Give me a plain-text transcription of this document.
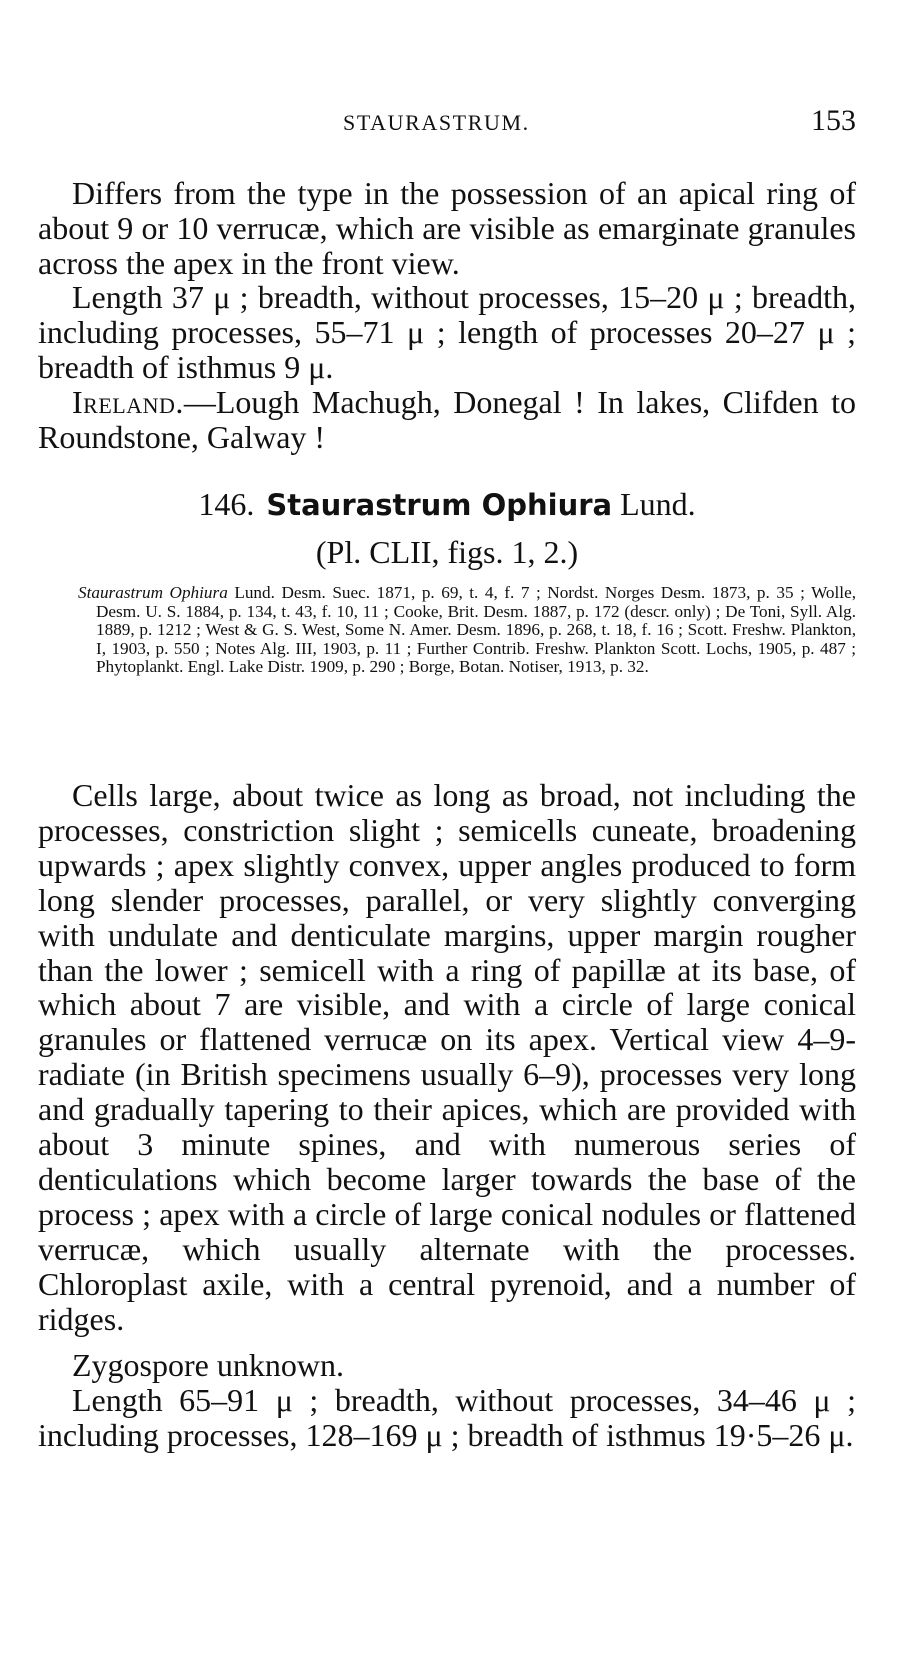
STAURASTRUM.	153

Differs from the type in the possession of an apical ring of about 9 or 10 verrucæ, which are visible as emarginate granules across the apex in the front view.

Length 37 μ ; breadth, without processes, 15–20 μ ; breadth, including processes, 55–71 μ ; length of processes 20–27 μ ; breadth of isthmus 9 μ.

Ireland.—Lough Machugh, Donegal ! In lakes, Clifden to Roundstone, Galway !

146. Staurastrum Ophiura Lund.

(Pl. CLII, figs. 1, 2.)

Staurastrum Ophiura Lund. Desm. Suec. 1871, p. 69, t. 4, f. 7 ; Nordst. Norges Desm. 1873, p. 35 ; Wolle, Desm. U. S. 1884, p. 134, t. 43, f. 10, 11 ; Cooke, Brit. Desm. 1887, p. 172 (descr. only) ; De Toni, Syll. Alg. 1889, p. 1212 ; West & G. S. West, Some N. Amer. Desm. 1896, p. 268, t. 18, f. 16 ; Scott. Freshw. Plankton, I, 1903, p. 550 ; Notes Alg. III, 1903, p. 11 ; Further Contrib. Freshw. Plankton Scott. Lochs, 1905, p. 487 ; Phytoplankt. Engl. Lake Distr. 1909, p. 290 ; Borge, Botan. Notiser, 1913, p. 32.

Cells large, about twice as long as broad, not including the processes, constriction slight ; semicells cuneate, broadening upwards ; apex slightly convex, upper angles produced to form long slender processes, parallel, or very slightly converging with undulate and denticulate margins, upper margin rougher than the lower ; semicell with a ring of papillæ at its base, of which about 7 are visible, and with a circle of large conical granules or flattened verrucæ on its apex. Vertical view 4–9-radiate (in British specimens usually 6–9), processes very long and gradually tapering to their apices, which are provided with about 3 minute spines, and with numerous series of denticulations which become larger towards the base of the process ; apex with a circle of large conical nodules or flattened verrucæ, which usually alternate with the processes. Chloroplast axile, with a central pyrenoid, and a number of ridges.

Zygospore unknown.

Length 65–91 μ ; breadth, without processes, 34–46 μ ; including processes, 128–169 μ ; breadth of isthmus 19·5–26 μ.
